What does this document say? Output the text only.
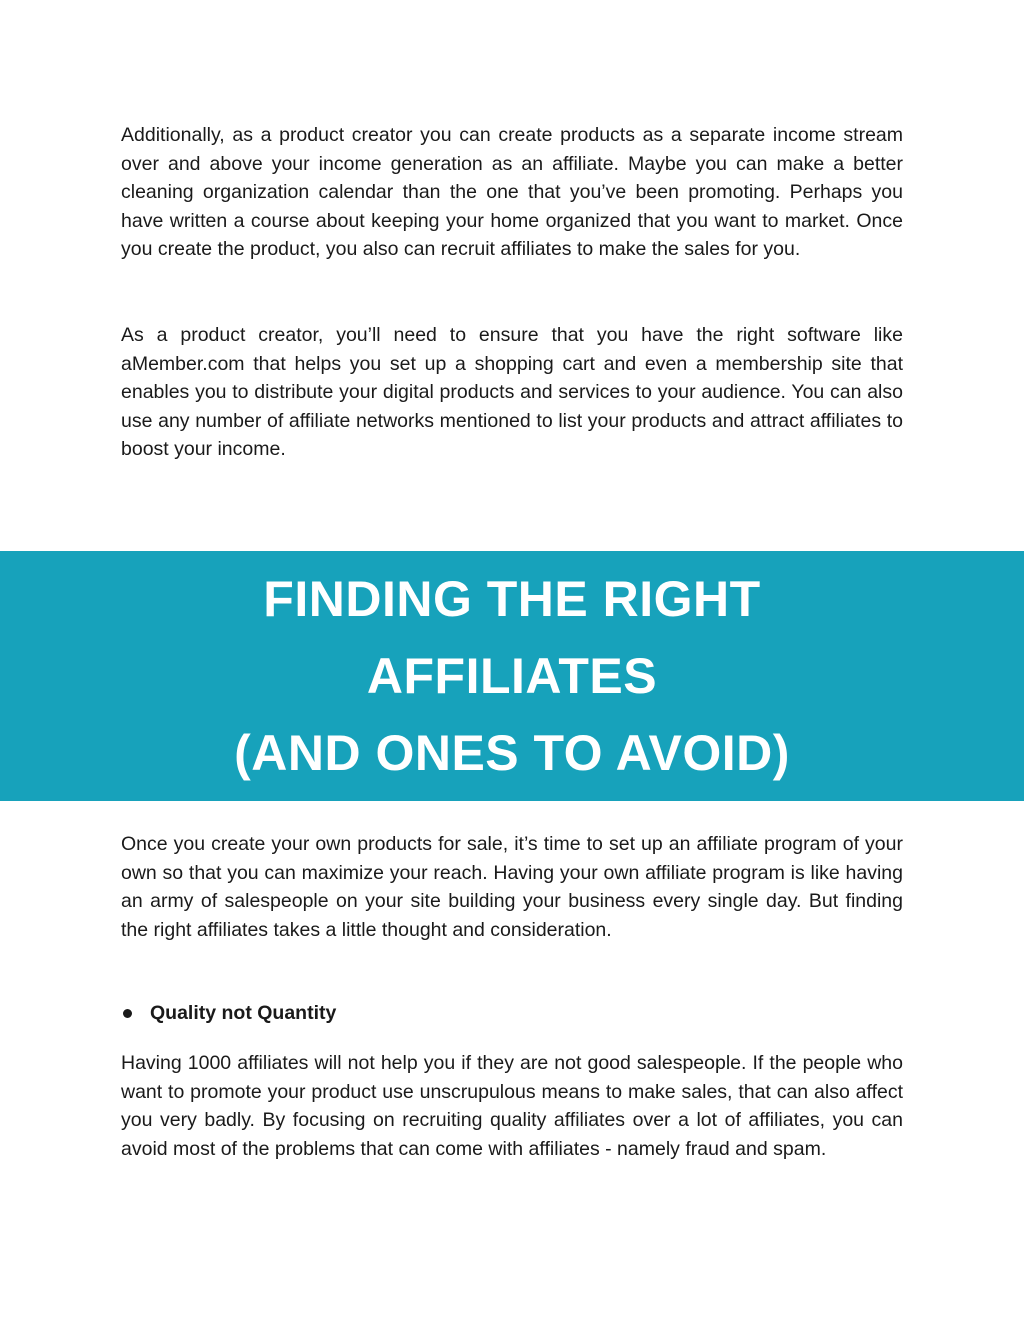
Additionally, as a product creator you can create products as a separate income stream over and above your income generation as an affiliate. Maybe you can make a better cleaning organization calendar than the one that you’ve been promoting. Perhaps you have written a course about keeping your home organized that you want to market. Once you create the product, you also can recruit affiliates to make the sales for you.

As a product creator, you’ll need to ensure that you have the right software like aMember.com that helps you set up a shopping cart and even a membership site that enables you to distribute your digital products and services to your audience. You can also use any number of affiliate networks mentioned to list your products and attract affiliates to boost your income.

FINDING THE RIGHT
AFFILIATES
(AND ONES TO AVOID)

Once you create your own products for sale, it’s time to set up an affiliate program of your own so that you can maximize your reach. Having your own affiliate program is like having an army of salespeople on your site building your business every single day. But finding the right affiliates takes a little thought and consideration.

Quality not Quantity

Having 1000 affiliates will not help you if they are not good salespeople. If the people who want to promote your product use unscrupulous means to make sales, that can also affect you very badly. By focusing on recruiting quality affiliates over a lot of affiliates, you can avoid most of the problems that can come with affiliates - namely fraud and spam.
